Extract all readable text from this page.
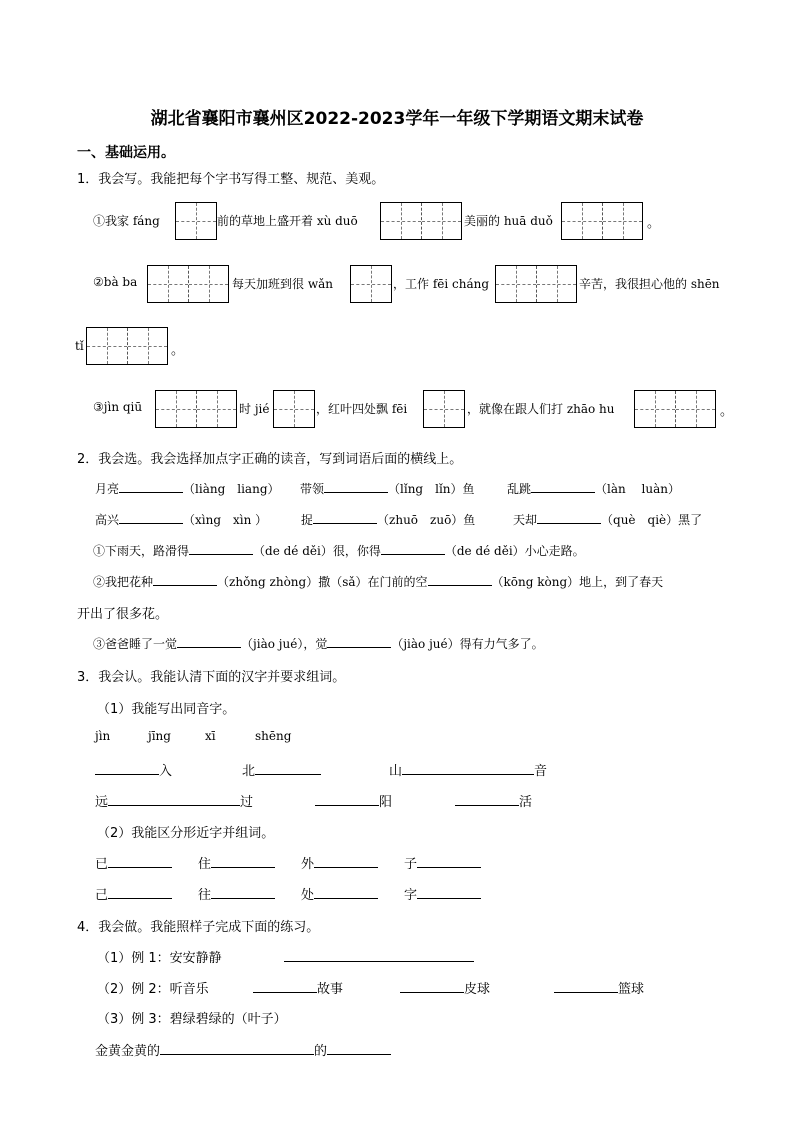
湖北省襄阳市襄州区2022-2023学年一年级下学期语文期末试卷
一、基础运用。
1．我会写。我能把每个字书写得工整、规范、美观。
①我家 fáng	前的草地上盛开着 xù duō	美丽的 huā duǒ	。
②bà ba	每天加班到很 wǎn	，工作 fēi cháng	辛苦，我很担心他的 shēn
tǐ	。
③jìn qiū	时 jié	，红叶四处飘 fēi	，就像在跟人们打 zhāo hu	。
2．我会选。我会选择加点字正确的读音，写到词语后面的横线上。
月亮	（liàng　liang） 带领	（lǐng　lǐn）鱼	乱跳	（làn　 luàn）
高兴	（xìng　xìn ）	捉	（zhuō　zuō）鱼	天却	（què　qiè）黑了
①下雨天，路滑得	（de dé děi）很，你得	（de dé děi）小心走路。
②我把花种	（zhǒng zhòng）撒（sǎ）在门前的空	（kōng kòng）地上，到了春天
开出了很多花。
③爸爸睡了一觉	（jiào jué），觉	（jiào jué）得有力气多了。
3．我会认。我能认清下面的汉字并要求组词。
（1）我能写出同音字。
jìn	jīng	xī	shēng
入	北	山	音
远	过	阳	活
（2）我能区分形近字并组词。
已	住	外	子
己	往	处	字
4．我会做。我能照样子完成下面的练习。
（1）例 1：安安静静
（2）例 2：听音乐	故事	皮球	篮球
（3）例 3：碧绿碧绿的（叶子）
金黄金黄的	的
